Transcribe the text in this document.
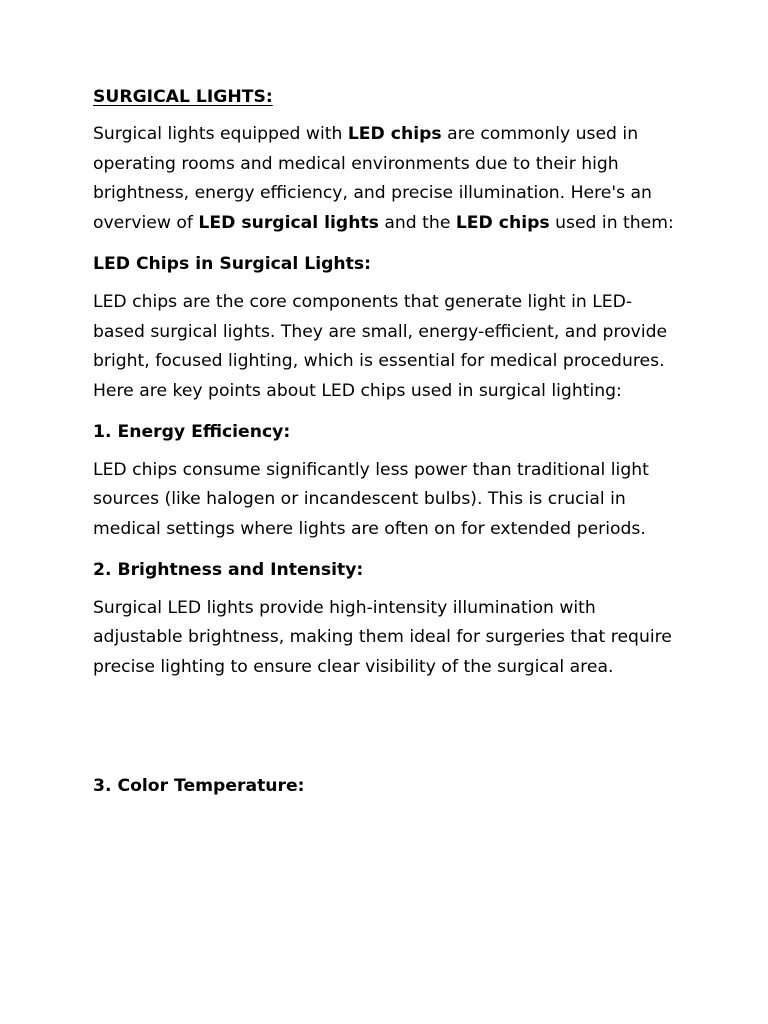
SURGICAL LIGHTS:

Surgical lights equipped with LED chips are commonly used in operating rooms and medical environments due to their high brightness, energy efficiency, and precise illumination. Here's an overview of LED surgical lights and the LED chips used in them:

LED Chips in Surgical Lights:

LED chips are the core components that generate light in LED-based surgical lights. They are small, energy-efficient, and provide bright, focused lighting, which is essential for medical procedures. Here are key points about LED chips used in surgical lighting:

1. Energy Efficiency:

LED chips consume significantly less power than traditional light sources (like halogen or incandescent bulbs). This is crucial in medical settings where lights are often on for extended periods.

2. Brightness and Intensity:

Surgical LED lights provide high-intensity illumination with adjustable brightness, making them ideal for surgeries that require precise lighting to ensure clear visibility of the surgical area.

3. Color Temperature:
